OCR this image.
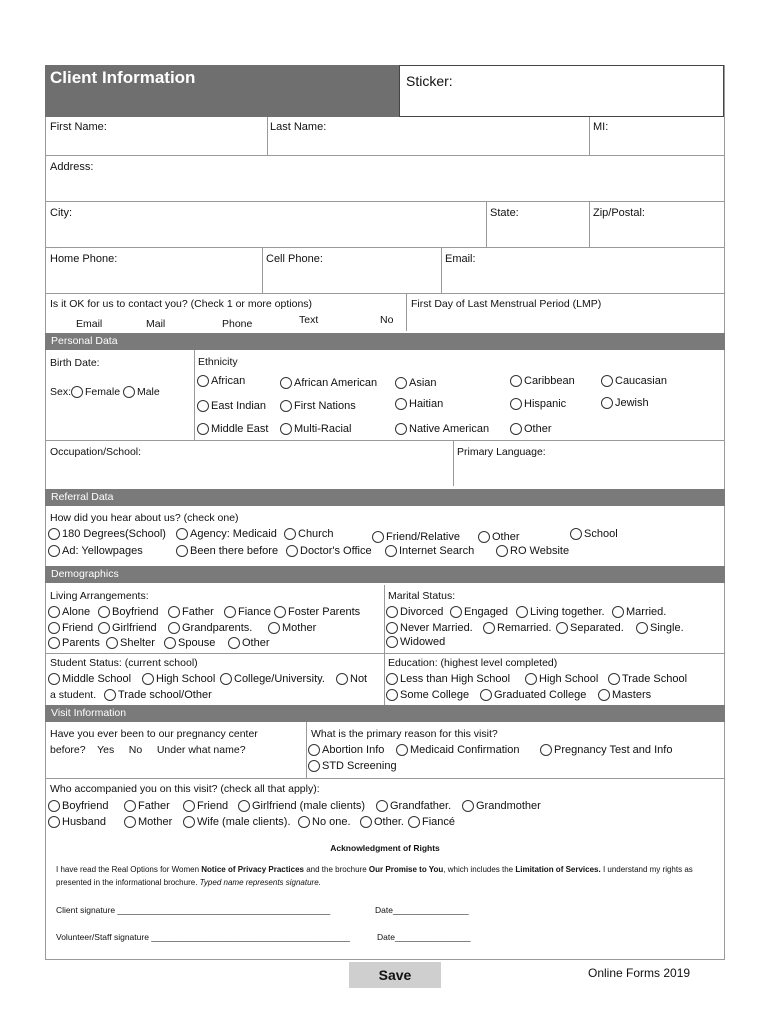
Client Information	Sticker:
First Name:	Last Name:	MI:
Address:
City:	State:	Zip/Postal:
Home Phone:	Cell Phone:	Email:
Is it OK for us to contact you? (Check 1 or more options)
Email	Mail	Phone	Text	No
First Day of Last Menstrual Period (LMP)
Personal Data
Birth Date:
Sex: Female Male
Ethnicity
African	African American	Asian	Caribbean	Caucasian
East Indian	First Nations	Haitian	Hispanic	Jewish
Middle East	Multi-Racial	Native American	Other
Occupation/School:	Primary Language:
Referral Data
How did you hear about us? (check one)
180 Degrees(School)	Agency: Medicaid	Church	Friend/Relative	Other	School
Ad: Yellowpages	Been there before	Doctor's Office	Internet Search	RO Website
Demographics
Living Arrangements:	Marital Status:
Alone	Boyfriend	Father	Fiance	Foster Parents
Friend	Girlfriend	Grandparents.	Mother
Parents	Shelter	Spouse	Other
Divorced	Engaged	Living together.	Married.
Never Married.	Remarried.	Separated.	Single.
Widowed
Student Status: (current school)	Education: (highest level completed)
Middle School	High School	College/University.	Not
a student.	Trade school/Other
Less than High School	High School	Trade School
Some College	Graduated College	Masters
Visit Information
Have you ever been to our pregnancy center
before?    Yes     No     Under what name?
What is the primary reason for this visit?
Abortion Info	Medicaid Confirmation	Pregnancy Test and Info
STD Screening
Who accompanied you on this visit? (check all that apply):
Boyfriend	Father	Friend	Girlfriend (male clients)	Grandfather.	Grandmother
Husband	Mother	Wife (male clients).	No one.	Other.	Fiancé
Acknowledgment of Rights
I have read the Real Options for Women Notice of Privacy Practices and the brochure Our Promise to You, which includes the Limitation of Services. I understand my rights as presented in the informational brochure. Typed name represents signature.
Client signature _____________________________________________	Date________________
Volunteer/Staff signature __________________________________________	Date________________
Save	Online Forms 2019
